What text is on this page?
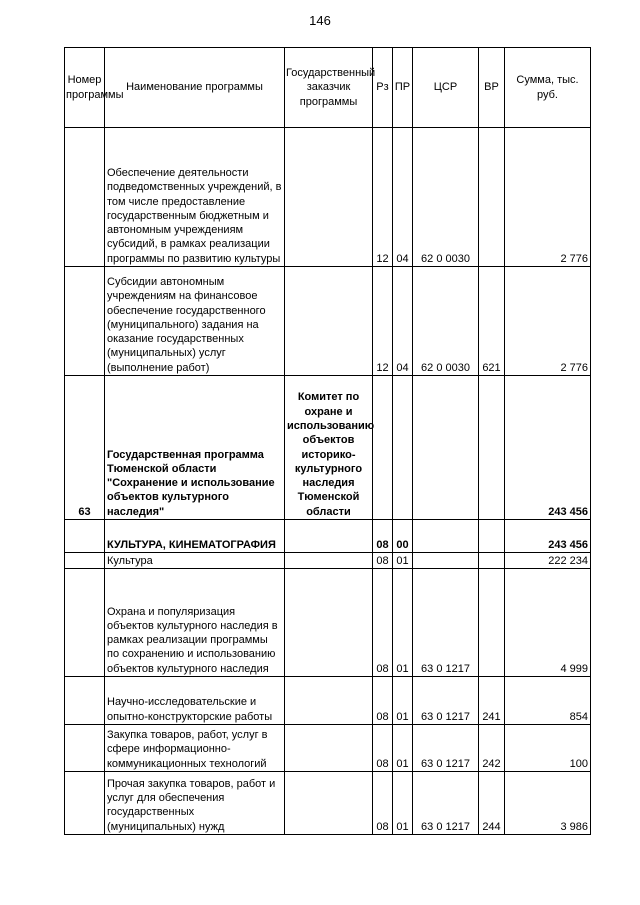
146
Номер программы	Наименование программы	Государственный заказчик программы	Рз	ПР	ЦСР	ВР	Сумма, тыс. руб.
	Обеспечение деятельности подведомственных учреждений, в том числе предоставление государственным бюджетным и автономным учреждениям субсидий, в рамках реализации программы по развитию культуры		12	04	62 0 0030		2 776
	Субсидии автономным учреждениям на финансовое обеспечение государственного (муниципального) задания на оказание государственных (муниципальных) услуг (выполнение работ)		12	04	62 0 0030	621	2 776
63	Государственная программа Тюменской области "Сохранение и использование объектов культурного наследия"	Комитет по охране и использованию объектов историко-культурного наследия Тюменской области					243 456
	КУЛЬТУРА, КИНЕМАТОГРАФИЯ		08	00			243 456
	Культура		08	01			222 234
	Охрана и популяризация объектов культурного наследия в рамках реализации программы по сохранению и использованию объектов культурного наследия		08	01	63 0 1217		4 999
	Научно-исследовательские и опытно-конструкторские работы		08	01	63 0 1217	241	854
	Закупка товаров, работ, услуг в сфере информационно-коммуникационных технологий		08	01	63 0 1217	242	100
	Прочая закупка товаров, работ и услуг для обеспечения государственных (муниципальных) нужд		08	01	63 0 1217	244	3 986
